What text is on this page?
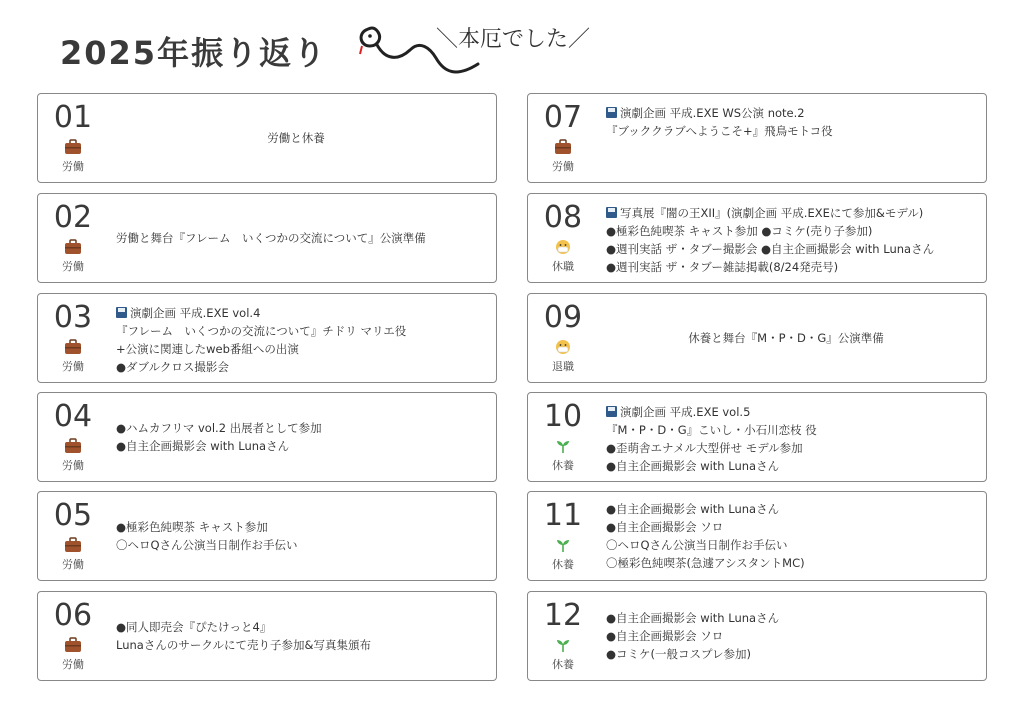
2025年振り返り	＼本厄でした／
01
労働
労働と休養
02
労働
労働と舞台『フレーム　いくつかの交流について』公演準備
03
労働
演劇企画 平成.EXE vol.4
『フレーム　いくつかの交流について』チドリ マリエ役
+公演に関連したweb番組への出演
●ダブルクロス撮影会
04
労働
●ハムカフリマ vol.2 出展者として参加
●自主企画撮影会 with Lunaさん
05
労働
●極彩色純喫茶 キャスト参加
〇ヘロQさん公演当日制作お手伝い
06
労働
●同人即売会『ぴたけっと4』
Lunaさんのサークルにて売り子参加&写真集頒布
07
労働
演劇企画 平成.EXE WS公演 note.2
『ブッククラブへようこそ+』飛鳥モトコ役
08
休職
写真展『闇の王XII』(演劇企画 平成.EXEにて参加&モデル)
●極彩色純喫茶 キャスト参加 ●コミケ(売り子参加)
●週刊実話 ザ・タブー撮影会 ●自主企画撮影会 with Lunaさん
●週刊実話 ザ・タブー雑誌掲載(8/24発売号)
09
退職
休養と舞台『M・P・D・G』公演準備
10
休養
演劇企画 平成.EXE vol.5
『M・P・D・G』こいし・小石川恋枝 役
●歪萌舎エナメル大型併せ モデル参加
●自主企画撮影会 with Lunaさん
11
休養
●自主企画撮影会 with Lunaさん
●自主企画撮影会 ソロ
〇ヘロQさん公演当日制作お手伝い
〇極彩色純喫茶(急遽アシスタントMC)
12
休養
●自主企画撮影会 with Lunaさん
●自主企画撮影会 ソロ
●コミケ(一般コスプレ参加)
